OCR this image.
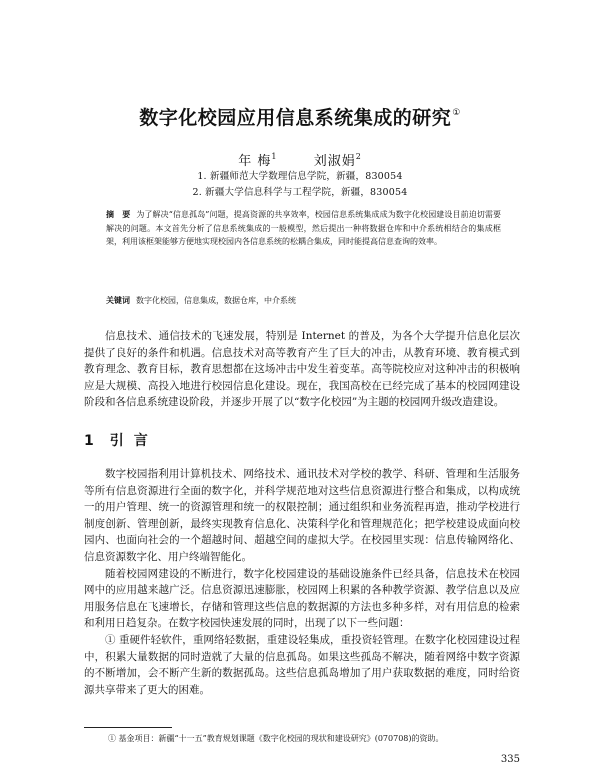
数字化校园应用信息系统集成的研究①
年 梅$^1$	刘淑娟$^2$
1. 新疆师范大学数理信息学院，新疆，830054
2. 新疆大学信息科学与工程学院，新疆，830054
摘　要 为了解决“信息孤岛”问题，提高资源的共享效率，校园信息系统集成成为数字化校园建设目前迫切需要解决的问题。本文首先分析了信息系统集成的一般模型，然后提出一种将数据仓库和中介系统相结合的集成框架，利用该框架能够方便地实现校园内各信息系统的松耦合集成，同时能提高信息查询的效率。
关键词 数字化校园，信息集成，数据仓库，中介系统

信息技术、通信技术的飞速发展，特别是 Internet 的普及，为各个大学提升信息化层次提供了良好的条件和机遇。信息技术对高等教育产生了巨大的冲击，从教育环境、教育模式到教育理念、教育目标，教育思想都在这场冲击中发生着变革。高等院校应对这种冲击的积极响应是大规模、高投入地进行校园信息化建设。现在，我国高校在已经完成了基本的校园网建设阶段和各信息系统建设阶段，并逐步开展了以“数字化校园”为主题的校园网升级改造建设。

1 引言

数字校园指利用计算机技术、网络技术、通讯技术对学校的教学、科研、管理和生活服务等所有信息资源进行全面的数字化，并科学规范地对这些信息资源进行整合和集成，以构成统一的用户管理、统一的资源管理和统一的权限控制；通过组织和业务流程再造，推动学校进行制度创新、管理创新，最终实现教育信息化、决策科学化和管理规范化；把学校建设成面向校园内、也面向社会的一个超越时间、超越空间的虚拟大学。在校园里实现：信息传输网络化、信息资源数字化、用户终端智能化。

随着校园网建设的不断进行，数字化校园建设的基础设施条件已经具备，信息技术在校园网中的应用越来越广泛。信息资源迅速膨胀，校园网上积累的各种教学资源、教学信息以及应用服务信息在飞速增长，存储和管理这些信息的数据源的方法也多种多样，对有用信息的检索和利用日趋复杂。在数字校园快速发展的同时，出现了以下一些问题：

① 重硬件轻软件，重网络轻数据，重建设轻集成，重投资轻管理。在数字化校园建设过程中，积累大量数据的同时造就了大量的信息孤岛。如果这些孤岛不解决，随着网络中数字资源的不断增加，会不断产生新的数据孤岛。这些信息孤岛增加了用户获取数据的难度，同时给资源共享带来了更大的困难。

① 基金项目：新疆“十一五”教育规划课题《数字化校园的现状和建设研究》(070708)的资助。
335
